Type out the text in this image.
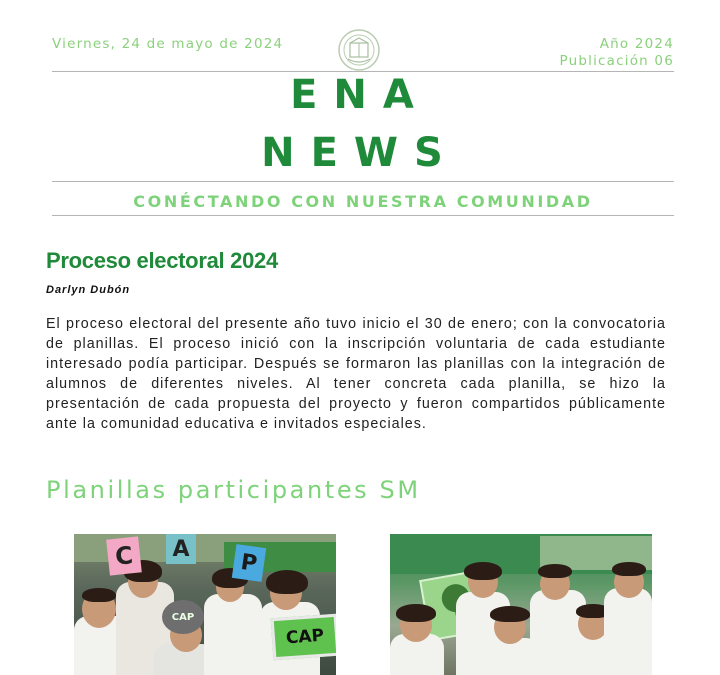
Viernes, 24 de mayo de 2024	Año 2024
Publicación 06
ENA
NEWS
CONÉCTANDO CON NUESTRA COMUNIDAD
Proceso electoral 2024
Darlyn Dubón
El proceso electoral del presente año tuvo inicio el 30 de enero; con la convocatoria de planillas. El proceso inició con la inscripción voluntaria de cada estudiante interesado podía participar. Después se formaron las planillas con la integración de alumnos de diferentes niveles. Al tener concreta cada planilla, se hizo la presentación de cada propuesta del proyecto y fueron compartidos públicamente ante la comunidad educativa e invitados especiales.
Planillas participantes SM
C	A
P
CAP
CAP
